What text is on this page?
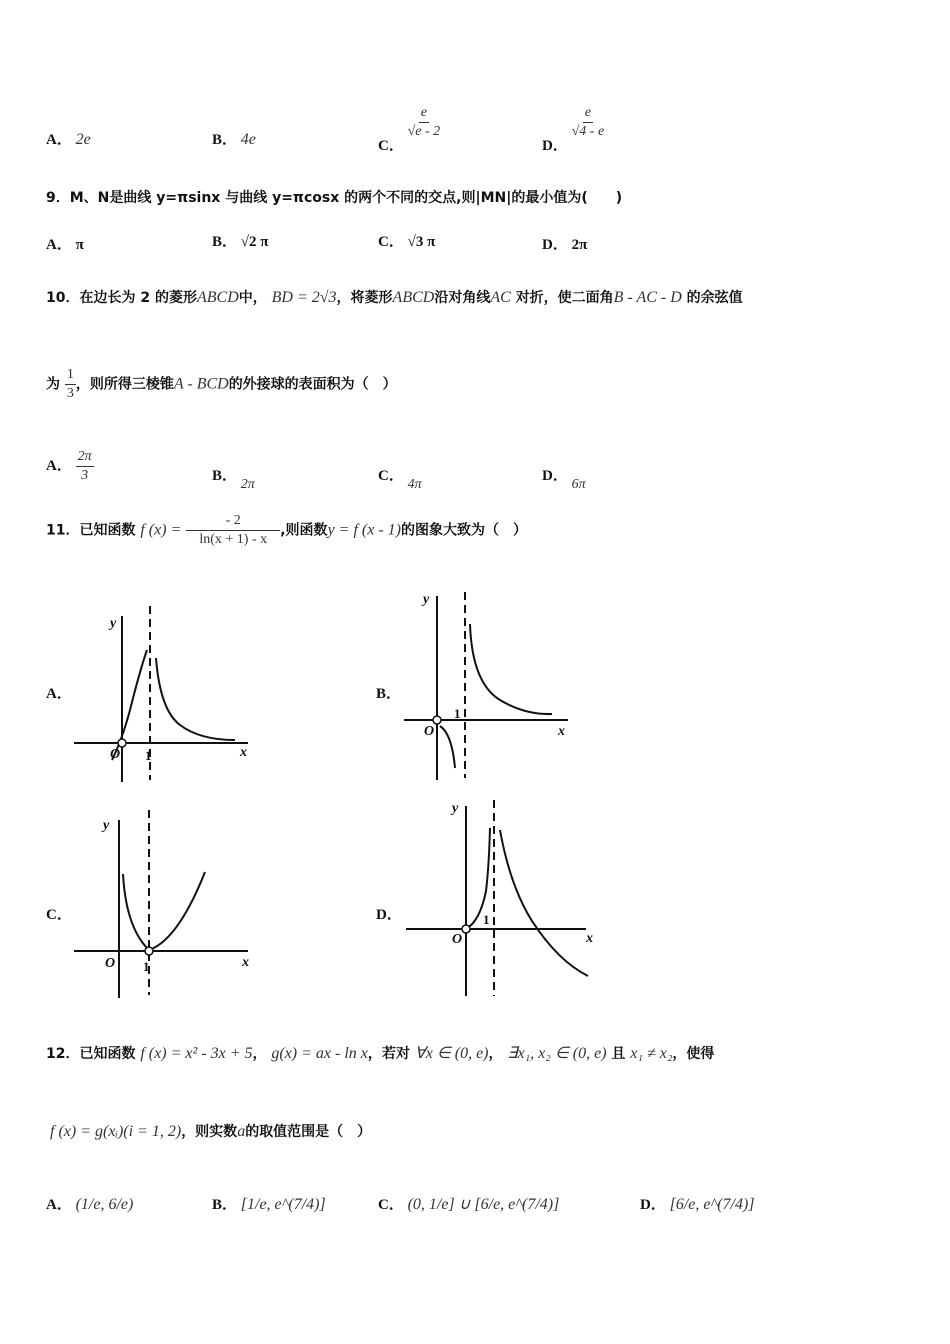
A． 2e	B． 4e	C．
$\frac{e}{√e - 2}$
D．
$\frac{e}{√4 - e}$
9．M、N是曲线 y=πsinx 与曲线 y=πcosx 的两个不同的交点,则|MN|的最小值为(　　)
A． π	B． √2 π	C． √3 π	D． 2π
10．在边长为 2 的菱形ABCD中， BD = 2√3，将菱形ABCD沿对角线AC 对折，使二面角B - AC - D 的余弦值
为 $\frac{1}{3}$ ，则所得三棱锥A - BCD的外接球的表面积为（　）
A． $\frac{2\pi}{3}$	B． 2π
C． 4π
D． 6π
11．已知函数 f $(x) = \frac{- 2}{\ln(x + 1) - x}$ ,则函数y = f (x - 1)的图象大致为（　）
A．	B．
C．	D．
y
x
O 1
y
x
O
1
y
x
O 1
y
x
O
1
12．已知函数 f (x) = x² - 3x + 5， g(x) = ax - ln x，若对 ∀x ∈ (0, e)， ∃x₁, x₂ ∈ (0, e) 且 x₁ ≠ x₂，使得
f (x) = g(xᵢ)(i = 1, 2)，则实数a的取值范围是（　）
A． (1/e, 6/e)	B． [1/e, e^(7/4)]	C． (0, 1/e] ∪ [6/e, e^(7/4)]	D． [6/e, e^(7/4)]
